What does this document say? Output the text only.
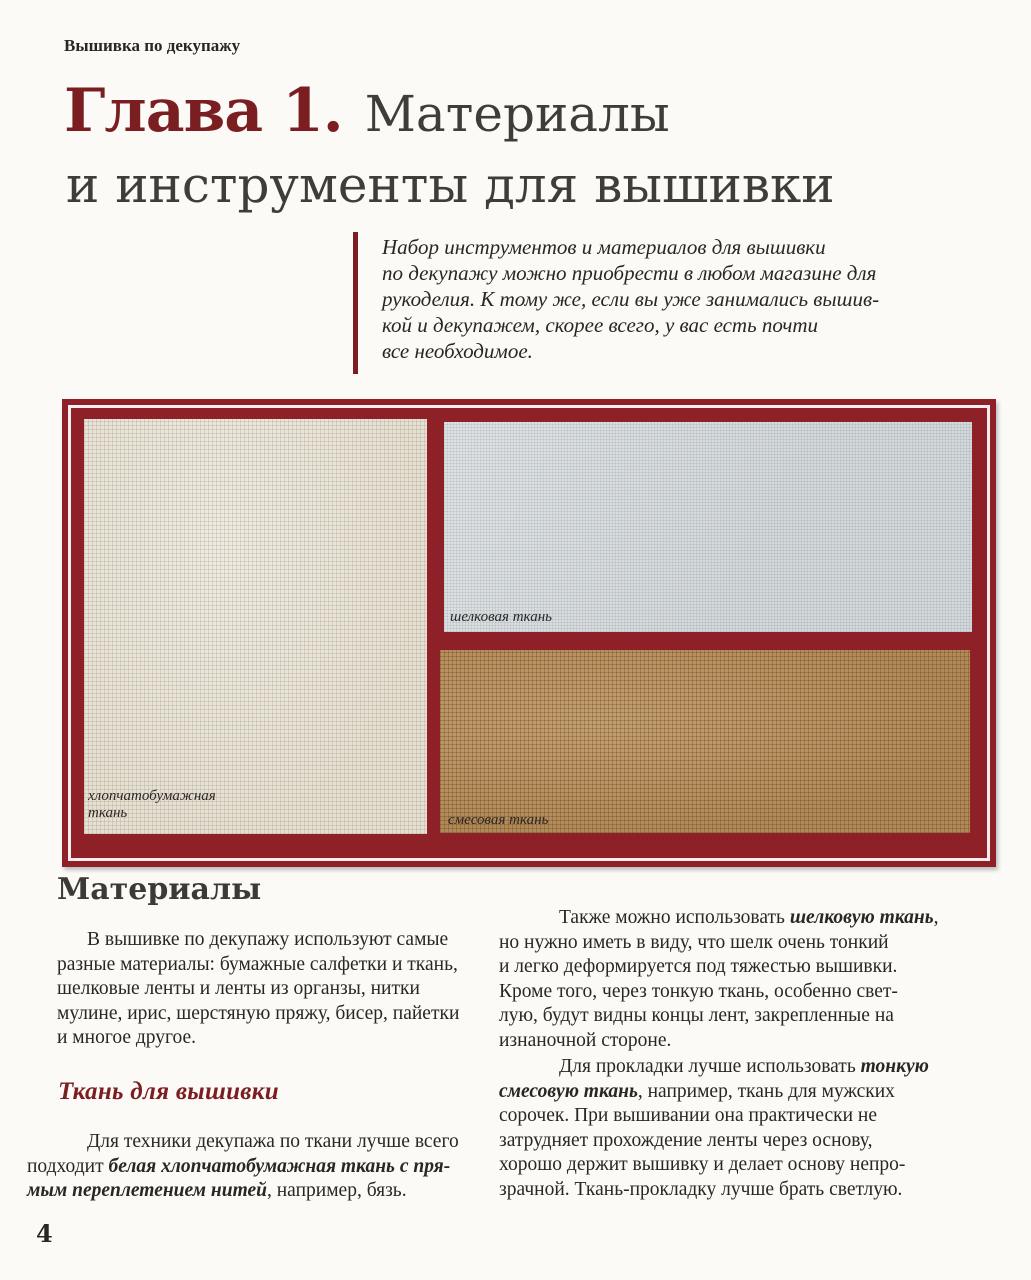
Вышивка по декупажу
Глава 1. Материалы
и инструменты для вышивки
Набор инструментов и материалов для вышивки
по декупажу можно приобрести в любом магазине для
рукоделия. К тому же, если вы уже занимались вышив-
кой и декупажем, скорее всего, у вас есть почти
все необходимое.
хлопчатобумажная
ткань
шелковая ткань
смесовая ткань
Материалы

В вышивке по декупажу используют самые
разные материалы: бумажные салфетки и ткань,
шелковые ленты и ленты из органзы, нитки
мулине, ирис, шерстяную пряжу, бисер, пайетки
и многое другое.

Ткань для вышивки

Для техники декупажа по ткани лучше всего
подходит белая хлопчатобумажная ткань с пря-
мым переплетением нитей, например, бязь.

Также можно использовать шелковую ткань,
но нужно иметь в виду, что шелк очень тонкий
и легко деформируется под тяжестью вышивки.
Кроме того, через тонкую ткань, особенно свет-
лую, будут видны концы лент, закрепленные на
изнаночной стороне.

Для прокладки лучше использовать тонкую
смесовую ткань, например, ткань для мужских
сорочек. При вышивании она практически не
затрудняет прохождение ленты через основу,
хорошо держит вышивку и делает основу непро-
зрачной. Ткань-прокладку лучше брать светлую.

4
